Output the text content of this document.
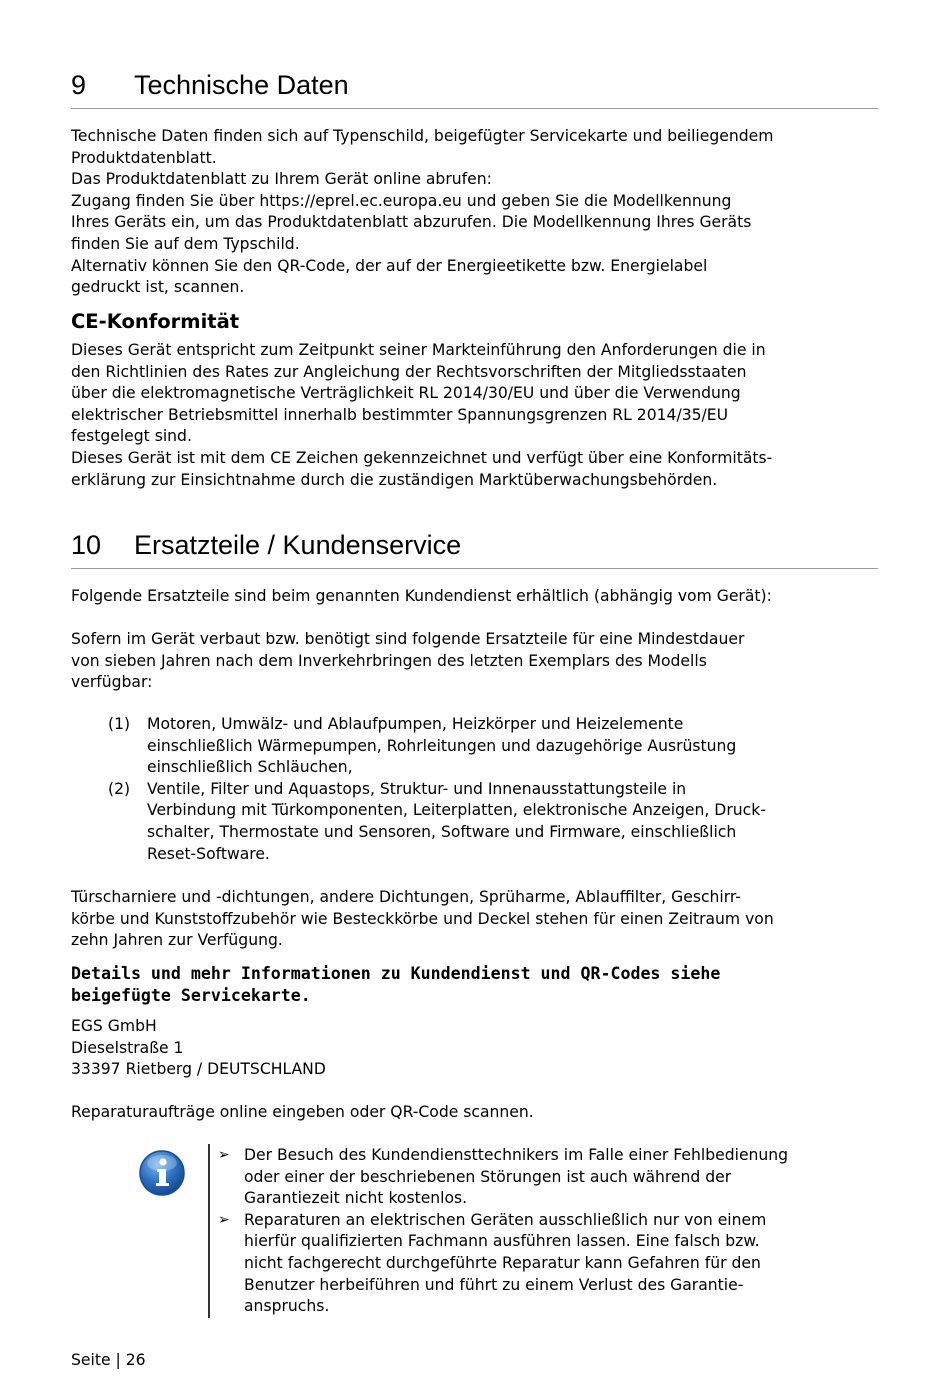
9 Technische Daten
Technische Daten finden sich auf Typenschild, beigefügter Servicekarte und beiliegendem
Produktdatenblatt.
Das Produktdatenblatt zu Ihrem Gerät online abrufen:
Zugang finden Sie über https://eprel.ec.europa.eu und geben Sie die Modellkennung
Ihres Geräts ein, um das Produktdatenblatt abzurufen. Die Modellkennung Ihres Geräts
finden Sie auf dem Typschild.
Alternativ können Sie den QR-Code, der auf der Energieetikette bzw. Energielabel
gedruckt ist, scannen.
CE-Konformität
Dieses Gerät entspricht zum Zeitpunkt seiner Markteinführung den Anforderungen die in
den Richtlinien des Rates zur Angleichung der Rechtsvorschriften der Mitgliedsstaaten
über die elektromagnetische Verträglichkeit RL 2014/30/EU und über die Verwendung
elektrischer Betriebsmittel innerhalb bestimmter Spannungsgrenzen RL 2014/35/EU
festgelegt sind.
Dieses Gerät ist mit dem CE Zeichen gekennzeichnet und verfügt über eine Konformitäts-
erklärung zur Einsichtnahme durch die zuständigen Marktüberwachungsbehörden.
10 Ersatzteile / Kundenservice
Folgende Ersatzteile sind beim genannten Kundendienst erhältlich (abhängig vom Gerät):
Sofern im Gerät verbaut bzw. benötigt sind folgende Ersatzteile für eine Mindestdauer
von sieben Jahren nach dem Inverkehrbringen des letzten Exemplars des Modells
verfügbar:
(1)	Motoren, Umwälz- und Ablaufpumpen, Heizkörper und Heizelemente
einschließlich Wärmepumpen, Rohrleitungen und dazugehörige Ausrüstung
einschließlich Schläuchen,
(2)	Ventile, Filter und Aquastops, Struktur- und Innenausstattungsteile in
Verbindung mit Türkomponenten, Leiterplatten, elektronische Anzeigen, Druck-
schalter, Thermostate und Sensoren, Software und Firmware, einschließlich
Reset-Software.
Türscharniere und -dichtungen, andere Dichtungen, Sprüharme, Ablauffilter, Geschirr-
körbe und Kunststoffzubehör wie Besteckkörbe und Deckel stehen für einen Zeitraum von
zehn Jahren zur Verfügung.
Details und mehr Informationen zu Kundendienst und QR-Codes siehe
beigefügte Servicekarte.
EGS GmbH
Dieselstraße 1
33397 Rietberg / DEUTSCHLAND
Reparaturaufträge online eingeben oder QR-Code scannen.
➢ Der Besuch des Kundendiensttechnikers im Falle einer Fehlbedienung
oder einer der beschriebenen Störungen ist auch während der
Garantiezeit nicht kostenlos.
➢ Reparaturen an elektrischen Geräten ausschließlich nur von einem
hierfür qualifizierten Fachmann ausführen lassen. Eine falsch bzw.
nicht fachgerecht durchgeführte Reparatur kann Gefahren für den
Benutzer herbeiführen und führt zu einem Verlust des Garantie-
anspruchs.
Seite | 26
